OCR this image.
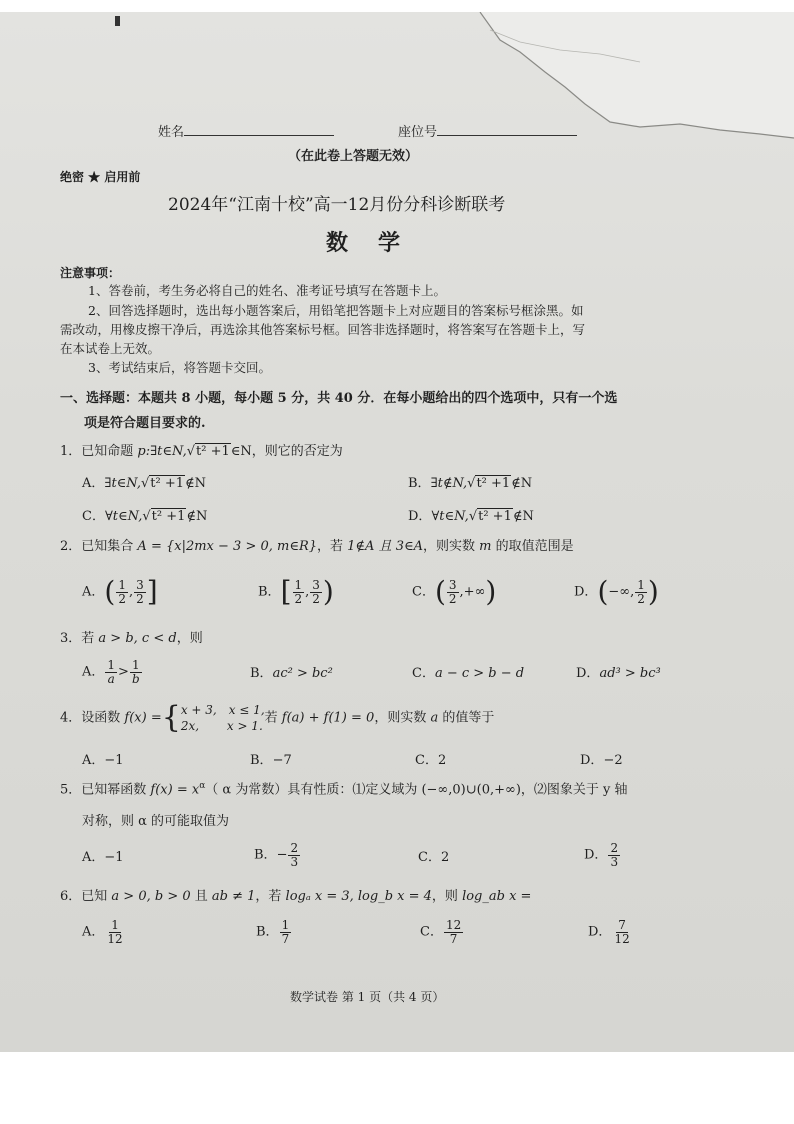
姓名	座位号
（在此卷上答题无效）
绝密 ★ 启用前
2024年“江南十校”高一12月份分科诊断联考
数　学
注意事项：
1、答卷前，考生务必将自己的姓名、准考证号填写在答题卡上。
2、回答选择题时，选出每小题答案后，用铅笔把答题卡上对应题目的答案标号框涂黑。如
需改动，用橡皮擦干净后，再选涂其他答案标号框。回答非选择题时，将答案写在答题卡上，写
在本试卷上无效。
3、考试结束后，将答题卡交回。
一、选择题：本题共 8 小题，每小题 5 分，共 40 分．在每小题给出的四个选项中，只有一个选
项是符合题目要求的.
1．已知命题 p:∃t∈N,√t² +1∈N，则它的否定为
A．∃t∈N,√t² +1∉N	B．∃t∉N,√t² +1∉N
C．∀t∈N,√t² +1∉N	D．∀t∈N,√t² +1∉N
2．已知集合 A = {x|2mx − 3 > 0, m∈R}，若 1∉A 且 3∈A，则实数 m 的取值范围是
A．( $\frac{1}{2}$ , $\frac{3}{2}$ ]	B．[ $\frac{1}{2}$ , $\frac{3}{2}$ )	C．( $\frac{3}{2}$ ,+∞)	D．(−∞, $\frac{1}{2}$ )
3．若 a > b, c < d，则
A． $\frac{1}{a} > \frac{1}{b}$	B．ac² > bc²	C．a − c > b − d	D．ad³ > bc³
4．设函数 f(x) ={ x + 3,　x ≤ 1,
2x,　　 x > 1.
若 f(a) + f(1) = 0，则实数 a 的值等于
A．−1	B．−7	C．2	D．−2
5．已知幂函数 $f(x) = x^\alpha$（ α 为常数）具有性质：⑴定义域为 (−∞,0)∪(0,+∞)，⑵图象关于 y 轴
对称，则 α 的可能取值为
A．−1	B．− $\frac{2}{3}$	C．2	D． $\frac{2}{3}$
6．已知 a > 0, b > 0 且 ab ≠ 1，若 logₐ x = 3, log_b x = 4，则 log_ab x =
A． $\frac{1}{12}$	B． $\frac{1}{7}$	C． $\frac{12}{7}$	D． $\frac{7}{12}$
数学试卷 第 1 页（共 4 页）
